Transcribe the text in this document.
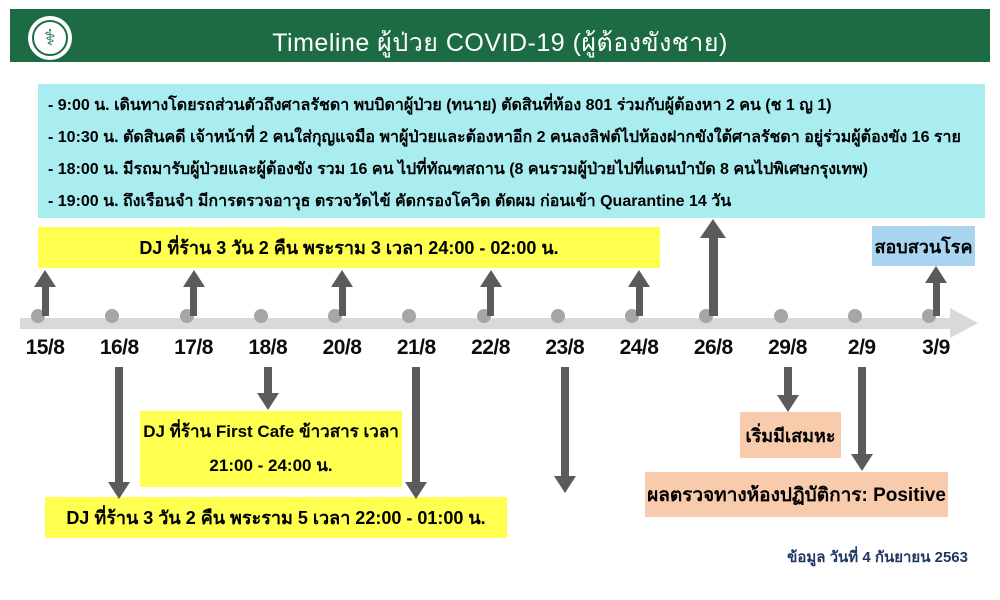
⚕	Timeline ผู้ป่วย COVID-19 (ผู้ต้องขังชาย)
- 9:00 น. เดินทางโดยรถส่วนตัวถึงศาลรัชดา พบบิดาผู้ป่วย (ทนาย) ตัดสินที่ห้อง 801 ร่วมกับผู้ต้องหา 2 คน (ช 1 ญ 1)
- 10:30 น. ตัดสินคดี เจ้าหน้าที่ 2 คนใส่กุญแจมือ พาผู้ป่วยและต้องหาอีก 2 คนลงลิฟต์ไปห้องฝากขังใต้ศาลรัชดา อยู่ร่วมผู้ต้องขัง 16 ราย
- 18:00 น. มีรถมารับผู้ป่วยและผู้ต้องขัง รวม 16 คน ไปที่ทัณฑสถาน (8 คนรวมผู้ป่วยไปที่แดนบำบัด 8 คนไปพิเศษกรุงเทพ)
- 19:00 น. ถึงเรือนจำ มีการตรวจอาวุธ ตรวจวัดไข้ คัดกรองโควิด ตัดผม ก่อนเข้า Quarantine 14 วัน
DJ ที่ร้าน 3 วัน 2 คืน พระราม 3 เวลา 24:00 - 02:00 น.	สอบสวนโรค
DJ ที่ร้าน First Cafe ข้าวสาร เวลา
21:00 - 24:00 น.
DJ ที่ร้าน 3 วัน 2 คืน พระราม 5 เวลา 22:00 - 01:00 น.
เริ่มมีเสมหะ
ผลตรวจทางห้องปฏิบัติการ: Positive
15/8	16/8	17/8	18/8	20/8	21/8	22/8	23/8	24/8	26/8	29/8	2/9	3/9
ข้อมูล วันที่ 4 กันยายน 2563
